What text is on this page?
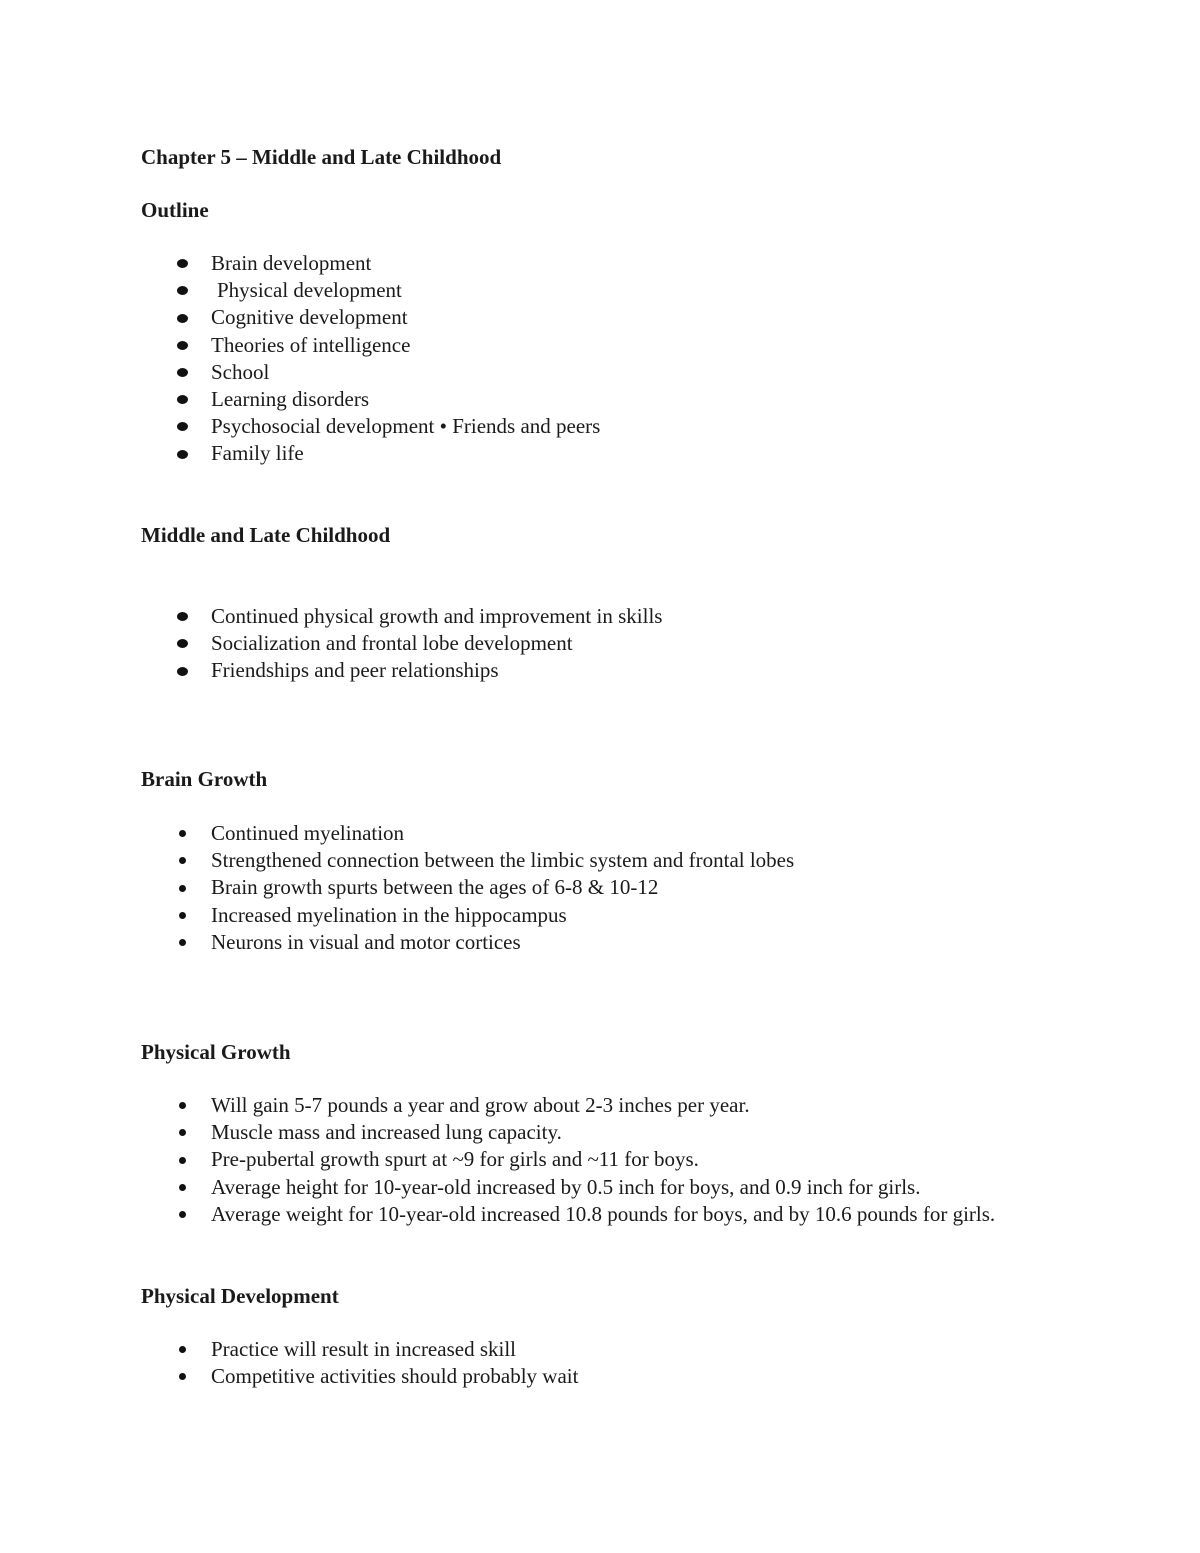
Chapter 5 – Middle and Late Childhood
Outline
Brain development
Physical development
Cognitive development
Theories of intelligence
School
Learning disorders
Psychosocial development • Friends and peers
Family life
Middle and Late Childhood
Continued physical growth and improvement in skills
Socialization and frontal lobe development
Friendships and peer relationships
Brain Growth
Continued myelination
Strengthened connection between the limbic system and frontal lobes
Brain growth spurts between the ages of 6-8 & 10-12
Increased myelination in the hippocampus
Neurons in visual and motor cortices
Physical Growth
Will gain 5-7 pounds a year and grow about 2-3 inches per year.
Muscle mass and increased lung capacity.
Pre-pubertal growth spurt at ~9 for girls and ~11 for boys.
Average height for 10-year-old increased by 0.5 inch for boys, and 0.9 inch for girls.
Average weight for 10-year-old increased 10.8 pounds for boys, and by 10.6 pounds for girls.
Physical Development
Practice will result in increased skill
Competitive activities should probably wait
